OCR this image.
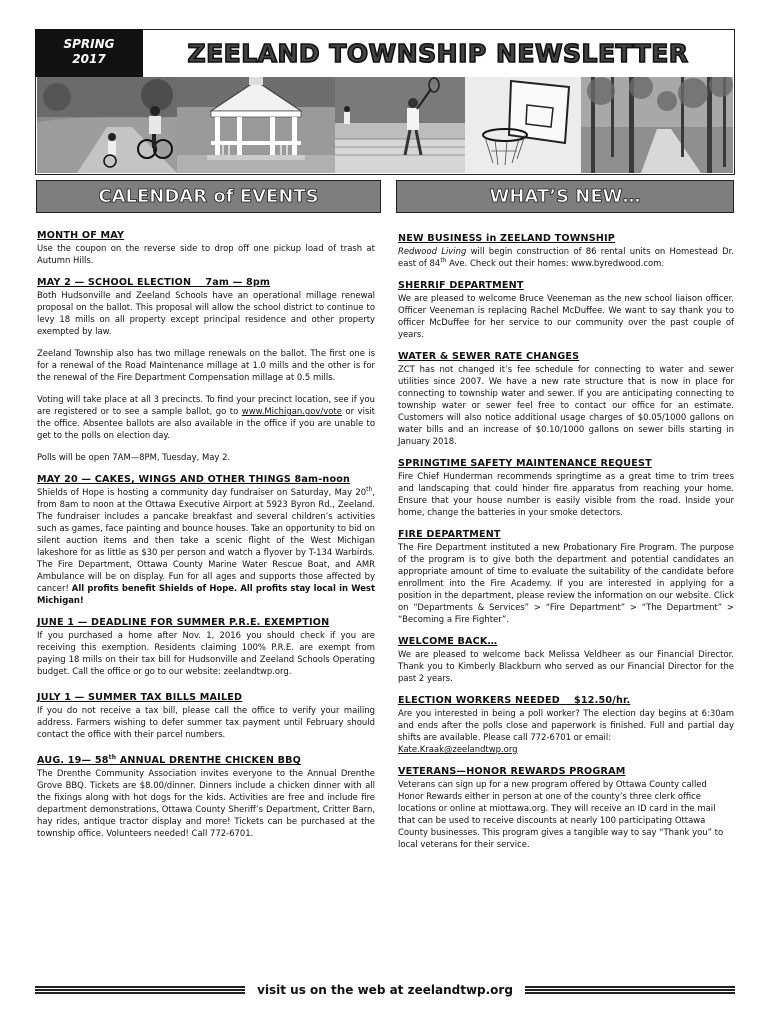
SPRING
2017	ZEELAND TOWNSHIP NEWSLETTER
CALENDAR of EVENTS	WHAT’S NEW…

MONTH OF MAY

Use the coupon on the reverse side to drop off one pickup load of trash at Autumn Hills.

MAY 2 — SCHOOL ELECTION    7am — 8pm

Both Hudsonville and Zeeland Schools have an operational millage renewal proposal on the ballot. This proposal will allow the school district to continue to levy 18 mills on all property except principal residence and other property exempted by law.

Zeeland Township also has two millage renewals on the ballot. The first one is for a renewal of the Road Maintenance millage at 1.0 mills and the other is for the renewal of the Fire Department Compensation millage at 0.5 mills.

Voting will take place at all 3 precincts. To find your precinct location, see if you are registered or to see a sample ballot, go to www.Michigan.gov/vote or visit the office. Absentee ballots are also available in the office if you are unable to get to the polls on election day.

Polls will be open 7AM—8PM, Tuesday, May 2.

MAY 20 — CAKES, WINGS AND OTHER THINGS 8am-noon

Shields of Hope is hosting a community day fundraiser on Saturday, May 20th, from 8am to noon at the Ottawa Executive Airport at 5923 Byron Rd., Zeeland. The fundraiser includes a pancake breakfast and several children’s activities such as games, face painting and bounce houses. Take an opportunity to bid on silent auction items and then take a scenic flight of the West Michigan lakeshore for as little as $30 per person and watch a flyover by T-134 Warbirds. The Fire Department, Ottawa County Marine Water Rescue Boat, and AMR Ambulance will be on display. Fun for all ages and supports those affected by cancer! All profits benefit Shields of Hope. All profits stay local in West Michigan!

JUNE 1 — DEADLINE FOR SUMMER P.R.E. EXEMPTION

If you purchased a home after Nov. 1, 2016 you should check if you are receiving this exemption. Residents claiming 100% P.R.E. are exempt from paying 18 mills on their tax bill for Hudsonville and Zeeland Schools Operating budget. Call the office or go to our website: zeelandtwp.org.

JULY 1 — SUMMER TAX BILLS MAILED

If you do not receive a tax bill, please call the office to verify your mailing address. Farmers wishing to defer summer tax payment until February should contact the office with their parcel numbers.

AUG. 19— 58th ANNUAL DRENTHE CHICKEN BBQ

The Drenthe Community Association invites everyone to the Annual Drenthe Grove BBQ. Tickets are $8.00/dinner. Dinners include a chicken dinner with all the fixings along with hot dogs for the kids. Activities are free and include fire department demonstrations, Ottawa County Sheriff’s Department, Critter Barn, hay rides, antique tractor display and more! Tickets can be purchased at the township office. Volunteers needed! Call 772-6701.

NEW BUSINESS in ZEELAND TOWNSHIP

Redwood Living will begin construction of 86 rental units on Homestead Dr. east of 84th Ave. Check out their homes: www.byredwood.com.

SHERRIF DEPARTMENT

We are pleased to welcome Bruce Veeneman as the new school liaison officer. Officer Veeneman is replacing Rachel McDuffee. We want to say thank you to officer McDuffee for her service to our community over the past couple of years.

WATER & SEWER RATE CHANGES

ZCT has not changed it’s fee schedule for connecting to water and sewer utilities since 2007. We have a new rate structure that is now in place for connecting to township water and sewer. If you are anticipating connecting to township water or sewer feel free to contact our office for an estimate. Customers will also notice additional usage charges of $0.05/1000 gallons on water bills and an increase of $0.10/1000 gallons on sewer bills starting in January 2018.

SPRINGTIME SAFETY MAINTENANCE REQUEST

Fire Chief Hunderman recommends springtime as a great time to trim trees and landscaping that could hinder fire apparatus from reaching your home. Ensure that your house number is easily visible from the road. Inside your home, change the batteries in your smoke detectors.

FIRE DEPARTMENT

The Fire Department instituted a new Probationary Fire Program. The purpose of the program is to give both the department and potential candidates an appropriate amount of time to evaluate the suitability of the candidate before enrollment into the Fire Academy. If you are interested in applying for a position in the department, please review the information on our website. Click on “Departments & Services” > “Fire Department” > “The Department” > “Becoming a Fire Fighter”.

WELCOME BACK…

We are pleased to welcome back Melissa Veldheer as our Financial Director. Thank you to Kimberly Blackburn who served as our Financial Director for the past 2 years.

ELECTION WORKERS NEEDED    $12.50/hr.

Are you interested in being a poll worker? The election day begins at 6:30am and ends after the polls close and paperwork is finished. Full and partial day shifts are available. Please call 772-6701 or email:

Kate.Kraak@zeelandtwp.org

VETERANS—HONOR REWARDS PROGRAM

Veterans can sign up for a new program offered by Ottawa County called Honor Rewards either in person at one of the county’s three clerk office locations or online at miottawa.org. They will receive an ID card in the mail that can be used to receive discounts at nearly 100 participating Ottawa County businesses. This program gives a tangible way to say “Thank you” to local veterans for their service.

visit us on the web at zeelandtwp.org
